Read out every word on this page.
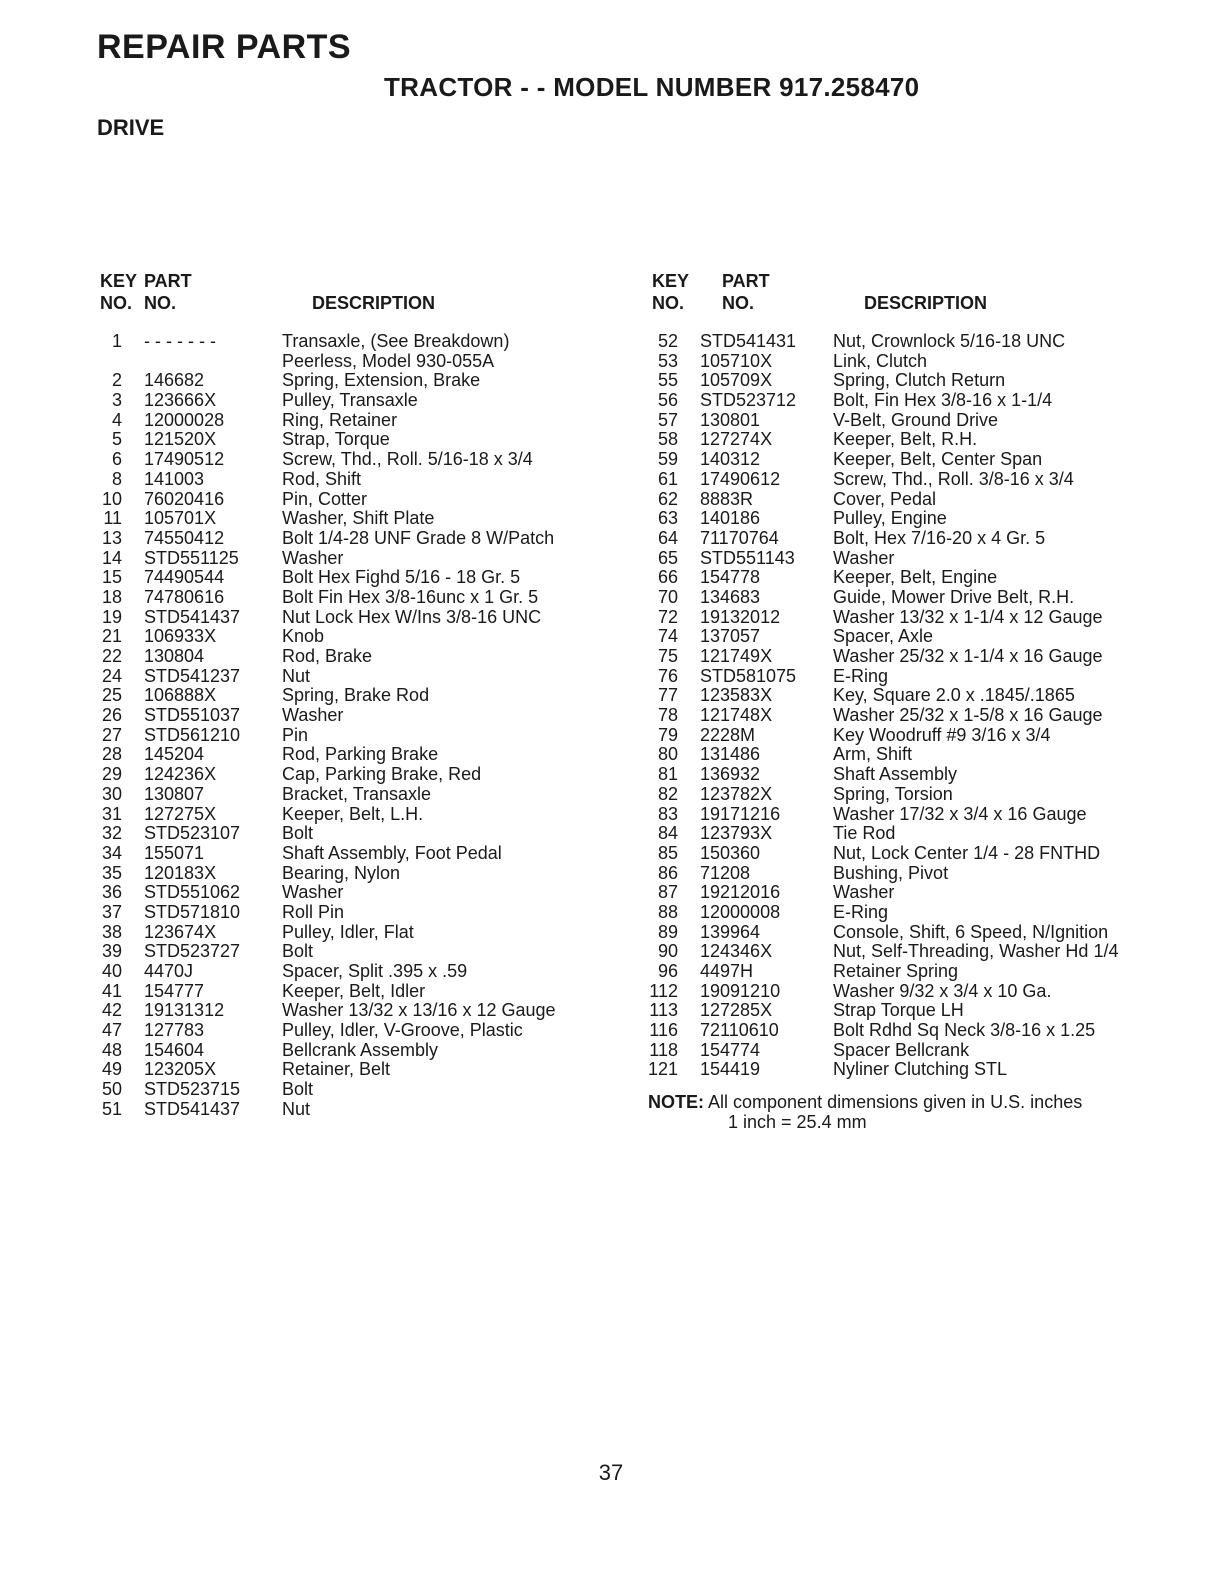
REPAIR PARTS
TRACTOR - - MODEL NUMBER 917.258470
DRIVE
KEY
NO.
PART
NO.	DESCRIPTION
1 - - - - - - -	Transaxle, (See Breakdown)
Peerless, Model 930-055A
2 146682	Spring, Extension, Brake
3 123666X	Pulley, Transaxle
4 12000028	Ring, Retainer
5 121520X	Strap, Torque
6 17490512	Screw, Thd., Roll. 5/16-18 x 3/4
8 141003	Rod, Shift
10 76020416	Pin, Cotter
11 105701X	Washer, Shift Plate
13 74550412	Bolt 1/4-28 UNF Grade 8 W/Patch
14 STD551125 Washer
15 74490544	Bolt Hex Fighd 5/16 - 18 Gr. 5
18 74780616	Bolt Fin Hex 3/8-16unc x 1 Gr. 5
19 STD541437 Nut Lock Hex W/Ins 3/8-16 UNC
21 106933X	Knob
22 130804	Rod, Brake
24 STD541237 Nut
25 106888X	Spring, Brake Rod
26 STD551037 Washer
27 STD561210 Pin
28 145204	Rod, Parking Brake
29 124236X	Cap, Parking Brake, Red
30 130807	Bracket, Transaxle
31 127275X	Keeper, Belt, L.H.
32 STD523107 Bolt
34 155071	Shaft Assembly, Foot Pedal
35 120183X	Bearing, Nylon
36 STD551062 Washer
37 STD571810 Roll Pin
38 123674X	Pulley, Idler, Flat
39 STD523727 Bolt
40 4470J	Spacer, Split .395 x .59
41 154777	Keeper, Belt, Idler
42 19131312	Washer 13/32 x 13/16 x 12 Gauge
47 127783	Pulley, Idler, V-Groove, Plastic
48 154604	Bellcrank Assembly
49 123205X	Retainer, Belt
50 STD523715 Bolt
51 STD541437 Nut
KEY
NO.
PART
NO.	DESCRIPTION
52 STD541431 Nut, Crownlock 5/16-18 UNC
53 105710X	Link, Clutch
55 105709X	Spring, Clutch Return
56 STD523712 Bolt, Fin Hex 3/8-16 x 1-1/4
57 130801	V-Belt, Ground Drive
58 127274X	Keeper, Belt, R.H.
59 140312	Keeper, Belt, Center Span
61 17490612	Screw, Thd., Roll. 3/8-16 x 3/4
62 8883R	Cover, Pedal
63 140186	Pulley, Engine
64 71170764	Bolt, Hex 7/16-20 x 4 Gr. 5
65 STD551143 Washer
66 154778	Keeper, Belt, Engine
70 134683	Guide, Mower Drive Belt, R.H.
72 19132012	Washer 13/32 x 1-1/4 x 12 Gauge
74 137057	Spacer, Axle
75 121749X	Washer 25/32 x 1-1/4 x 16 Gauge
76 STD581075 E-Ring
77 123583X	Key, Square 2.0 x .1845/.1865
78 121748X	Washer 25/32 x 1-5/8 x 16 Gauge
79 2228M	Key Woodruff #9 3/16 x 3/4
80 131486	Arm, Shift
81 136932	Shaft Assembly
82 123782X	Spring, Torsion
83 19171216	Washer 17/32 x 3/4 x 16 Gauge
84 123793X	Tie Rod
85 150360	Nut, Lock Center 1/4 - 28 FNTHD
86 71208	Bushing, Pivot
87 19212016	Washer
88 12000008	E-Ring
89 139964	Console, Shift, 6 Speed, N/Ignition
90 124346X	Nut, Self-Threading, Washer Hd 1/4
96 4497H	Retainer Spring
112 19091210	Washer 9/32 x 3/4 x 10 Ga.
113 127285X	Strap Torque LH
116 72110610	Bolt Rdhd Sq Neck 3/8-16 x 1.25
118 154774	Spacer Bellcrank
121 154419	Nyliner Clutching STL
NOTE: All component dimensions given in U.S. inches
1 inch = 25.4 mm
37
